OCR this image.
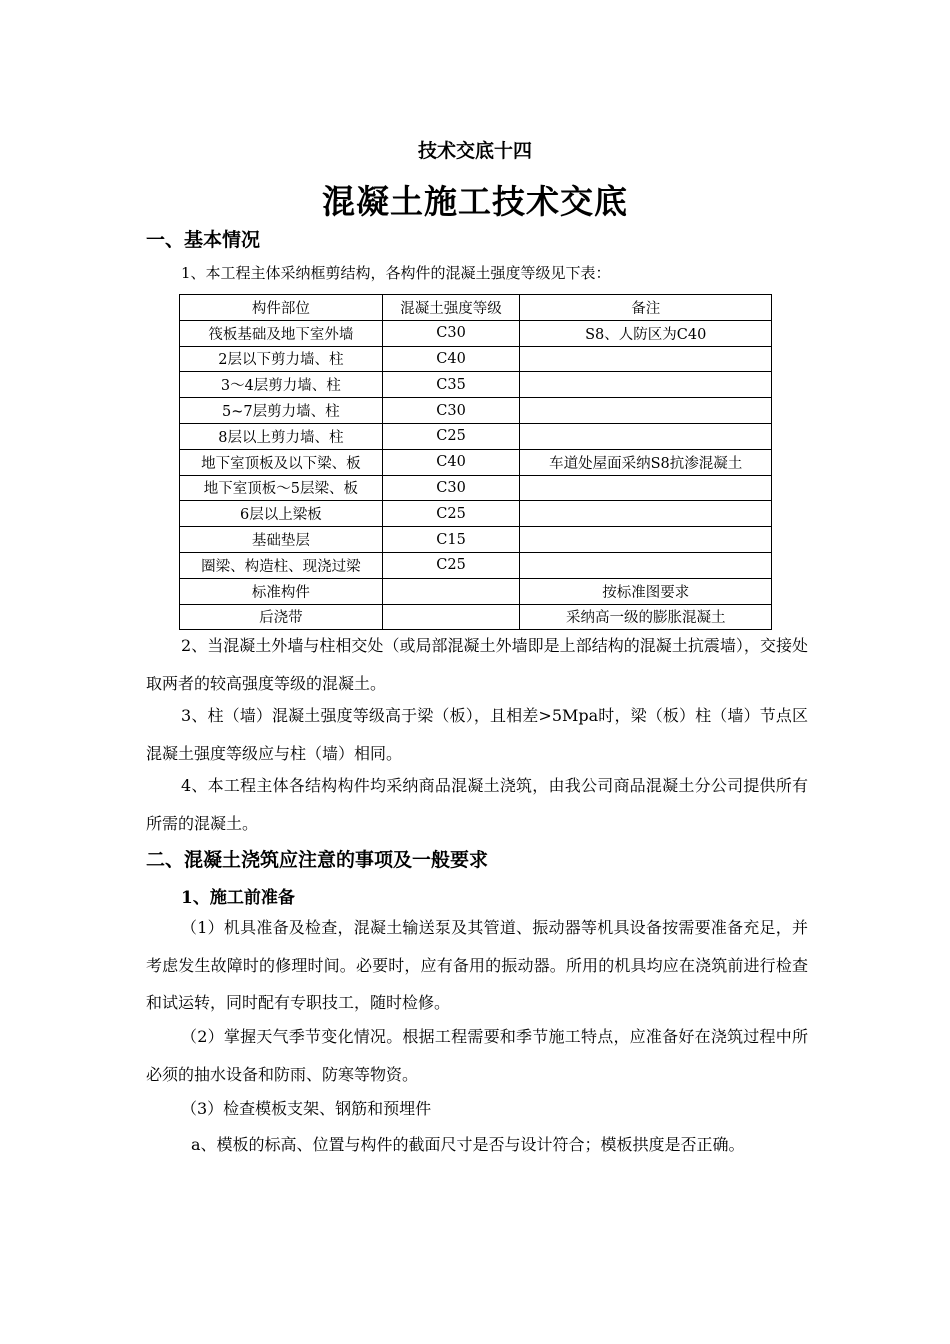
技术交底十四
混凝土施工技术交底
一、基本情况
1、本工程主体采纳框剪结构，各构件的混凝土强度等级见下表：
构件部位	混凝土强度等级	备注
筏板基础及地下室外墙	C30	S8、人防区为C40
2层以下剪力墙、柱	C40	
3～4层剪力墙、柱	C35	
5~7层剪力墙、柱	C30	
8层以上剪力墙、柱	C25	
地下室顶板及以下梁、板	C40	车道处屋面采纳S8抗渗混凝土
地下室顶板～5层梁、板	C30	
6层以上梁板	C25	
基础垫层	C15	
圈梁、构造柱、现浇过梁	C25	
标准构件		按标准图要求
后浇带		采纳高一级的膨胀混凝土
2、当混凝土外墙与柱相交处（或局部混凝土外墙即是上部结构的混凝土抗震墙），交接处取两者的较高强度等级的混凝土。
3、柱（墙）混凝土强度等级高于梁（板），且相差>5Mpa时，梁（板）柱（墙）节点区混凝土强度等级应与柱（墙）相同。
4、本工程主体各结构构件均采纳商品混凝土浇筑，由我公司商品混凝土分公司提供所有所需的混凝土。
二、混凝土浇筑应注意的事项及一般要求
1、施工前准备
（1）机具准备及检查，混凝土输送泵及其管道、振动器等机具设备按需要准备充足，并考虑发生故障时的修理时间。必要时，应有备用的振动器。所用的机具均应在浇筑前进行检查和试运转，同时配有专职技工，随时检修。
（2）掌握天气季节变化情况。根据工程需要和季节施工特点，应准备好在浇筑过程中所必须的抽水设备和防雨、防寒等物资。
（3）检查模板支架、钢筋和预埋件
a、模板的标高、位置与构件的截面尺寸是否与设计符合；模板拱度是否正确。
